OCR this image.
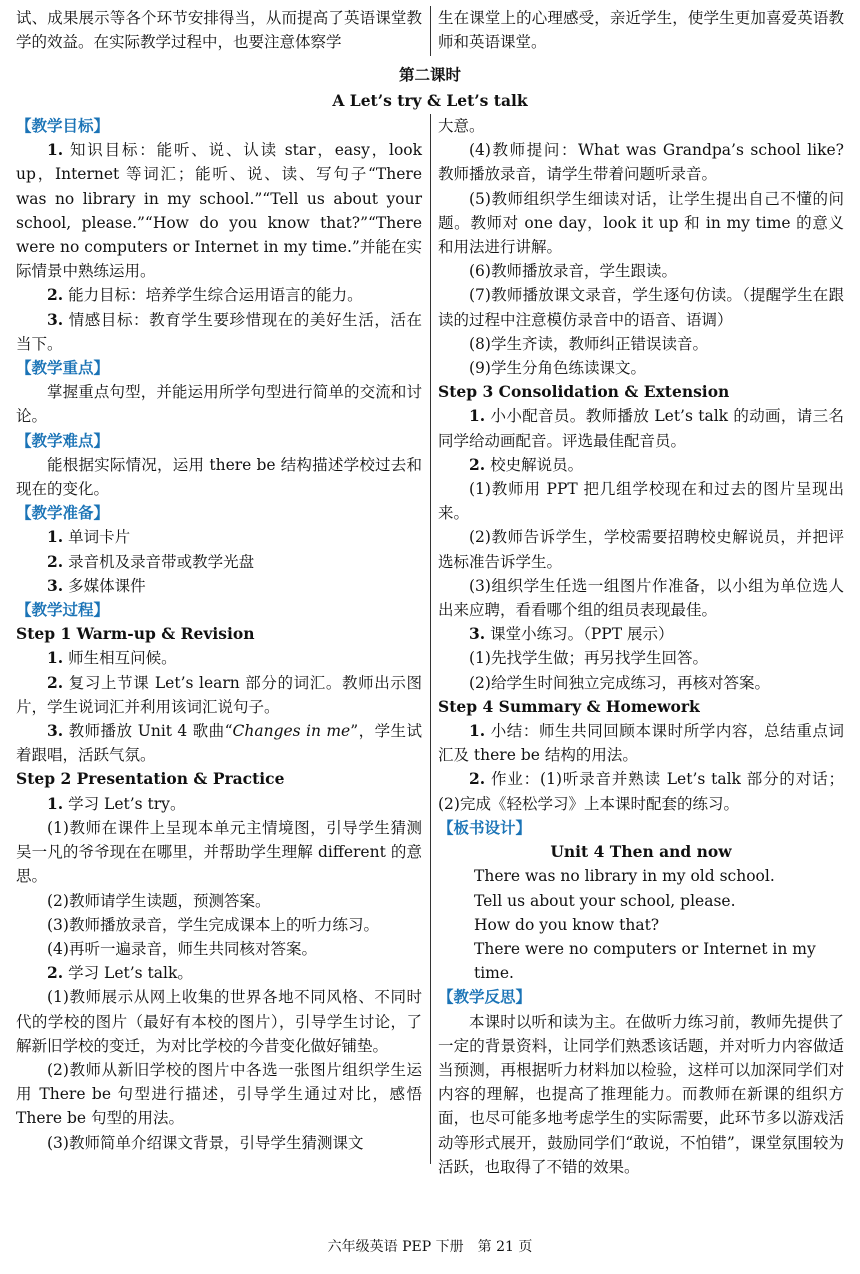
试、成果展示等各个环节安排得当，从而提高了英语课堂教学的效益。在实际教学过程中，也要注意体察学

生在课堂上的心理感受，亲近学生，使学生更加喜爱英语教师和英语课堂。

第二课时

A Let’s try & Let’s talk

【教学目标】

1. 知识目标：能听、说、认读 star，easy，look up，Internet 等词汇；能听、说、读、写句子“There was no library in my school.”“Tell us about your school, please.”“How do you know that?”“There were no computers or Internet in my time.”并能在实际情景中熟练运用。

2. 能力目标：培养学生综合运用语言的能力。

3. 情感目标：教育学生要珍惜现在的美好生活，活在当下。

【教学重点】

掌握重点句型，并能运用所学句型进行简单的交流和讨论。

【教学难点】

能根据实际情况，运用 there be 结构描述学校过去和现在的变化。

【教学准备】

1. 单词卡片

2. 录音机及录音带或教学光盘

3. 多媒体课件

【教学过程】

Step 1 Warm-up & Revision

1. 师生相互问候。

2. 复习上节课 Let’s learn 部分的词汇。教师出示图片，学生说词汇并利用该词汇说句子。

3. 教师播放 Unit 4 歌曲“Changes in me”，学生试着跟唱，活跃气氛。

Step 2 Presentation & Practice

1. 学习 Let’s try。

(1)教师在课件上呈现本单元主情境图，引导学生猜测吴一凡的爷爷现在在哪里，并帮助学生理解 different 的意思。

(2)教师请学生读题，预测答案。

(3)教师播放录音，学生完成课本上的听力练习。

(4)再听一遍录音，师生共同核对答案。

2. 学习 Let’s talk。

(1)教师展示从网上收集的世界各地不同风格、不同时代的学校的图片（最好有本校的图片），引导学生讨论，了解新旧学校的变迁，为对比学校的今昔变化做好铺垫。

(2)教师从新旧学校的图片中各选一张图片组织学生运用 There be 句型进行描述，引导学生通过对比，感悟 There be 句型的用法。

(3)教师简单介绍课文背景，引导学生猜测课文

大意。

(4)教师提问：What was Grandpa’s school like? 教师播放录音，请学生带着问题听录音。

(5)教师组织学生细读对话，让学生提出自己不懂的问题。教师对 one day，look it up 和 in my time 的意义和用法进行讲解。

(6)教师播放录音，学生跟读。

(7)教师播放课文录音，学生逐句仿读。（提醒学生在跟读的过程中注意模仿录音中的语音、语调）

(8)学生齐读，教师纠正错误读音。

(9)学生分角色练读课文。

Step 3 Consolidation & Extension

1. 小小配音员。教师播放 Let’s talk 的动画，请三名同学给动画配音。评选最佳配音员。

2. 校史解说员。

(1)教师用 PPT 把几组学校现在和过去的图片呈现出来。

(2)教师告诉学生，学校需要招聘校史解说员，并把评选标准告诉学生。

(3)组织学生任选一组图片作准备，以小组为单位选人出来应聘，看看哪个组的组员表现最佳。

3. 课堂小练习。（PPT 展示）

(1)先找学生做；再另找学生回答。

(2)给学生时间独立完成练习，再核对答案。

Step 4 Summary & Homework

1. 小结：师生共同回顾本课时所学内容，总结重点词汇及 there be 结构的用法。

2. 作业：(1)听录音并熟读 Let’s talk 部分的对话；(2)完成《轻松学习》上本课时配套的练习。

【板书设计】

Unit 4 Then and now

There was no library in my old school.

Tell us about your school, please.

How do you know that?

There were no computers or Internet in my time.

【教学反思】

本课时以听和读为主。在做听力练习前，教师先提供了一定的背景资料，让同学们熟悉该话题，并对听力内容做适当预测，再根据听力材料加以检验，这样可以加深同学们对内容的理解，也提高了推理能力。而教师在新课的组织方面，也尽可能多地考虑学生的实际需要，此环节多以游戏活动等形式展开，鼓励同学们“敢说，不怕错”，课堂氛围较为活跃，也取得了不错的效果。

六年级英语 PEP 下册　第 21 页
